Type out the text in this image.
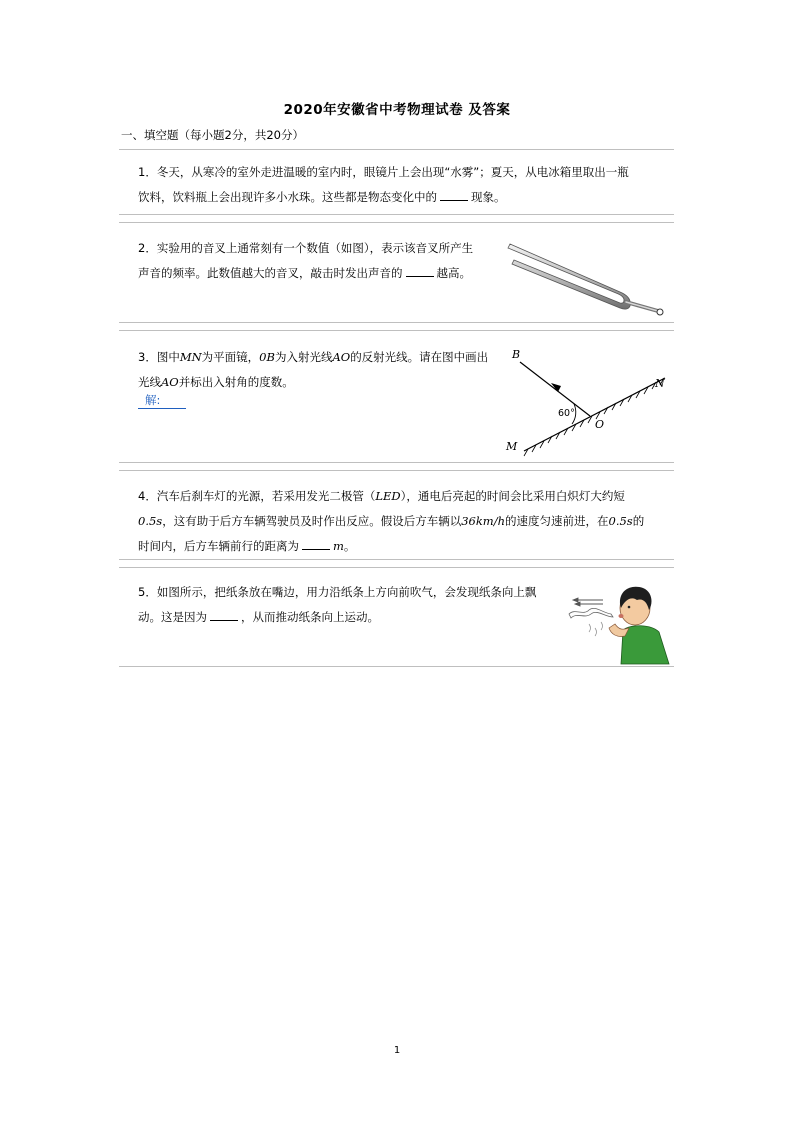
2020年安徽省中考物理试卷 及答案
一、填空题（每小题2分，共20分）
1．冬天，从寒冷的室外走进温暖的室内时，眼镜片上会出现“水雾”；夏天，从电冰箱里取出一瓶
饮料，饮料瓶上会出现许多小水珠。这些都是物态变化中的	现象。
2．实验用的音叉上通常刻有一个数值（如图），表示该音叉所产生
声音的频率。此数值越大的音叉，敲击时发出声音的	越高。
3．图中MN为平面镜，0B为入射光线AO的反射光线。请在图中画出
光线AO并标出入射角的度数。
解:
B
N
M
O
60°
4．汽车后刹车灯的光源，若采用发光二极管（LED），通电后亮起的时间会比采用白炽灯大约短
0.5s，这有助于后方车辆驾驶员及时作出反应。假设后方车辆以36km/h的速度匀速前进，在0.5s的
时间内，后方车辆前行的距离为	m。
5．如图所示，把纸条放在嘴边，用力沿纸条上方向前吹气，会发现纸条向上飘
动。这是因为	，从而推动纸条向上运动。
1
